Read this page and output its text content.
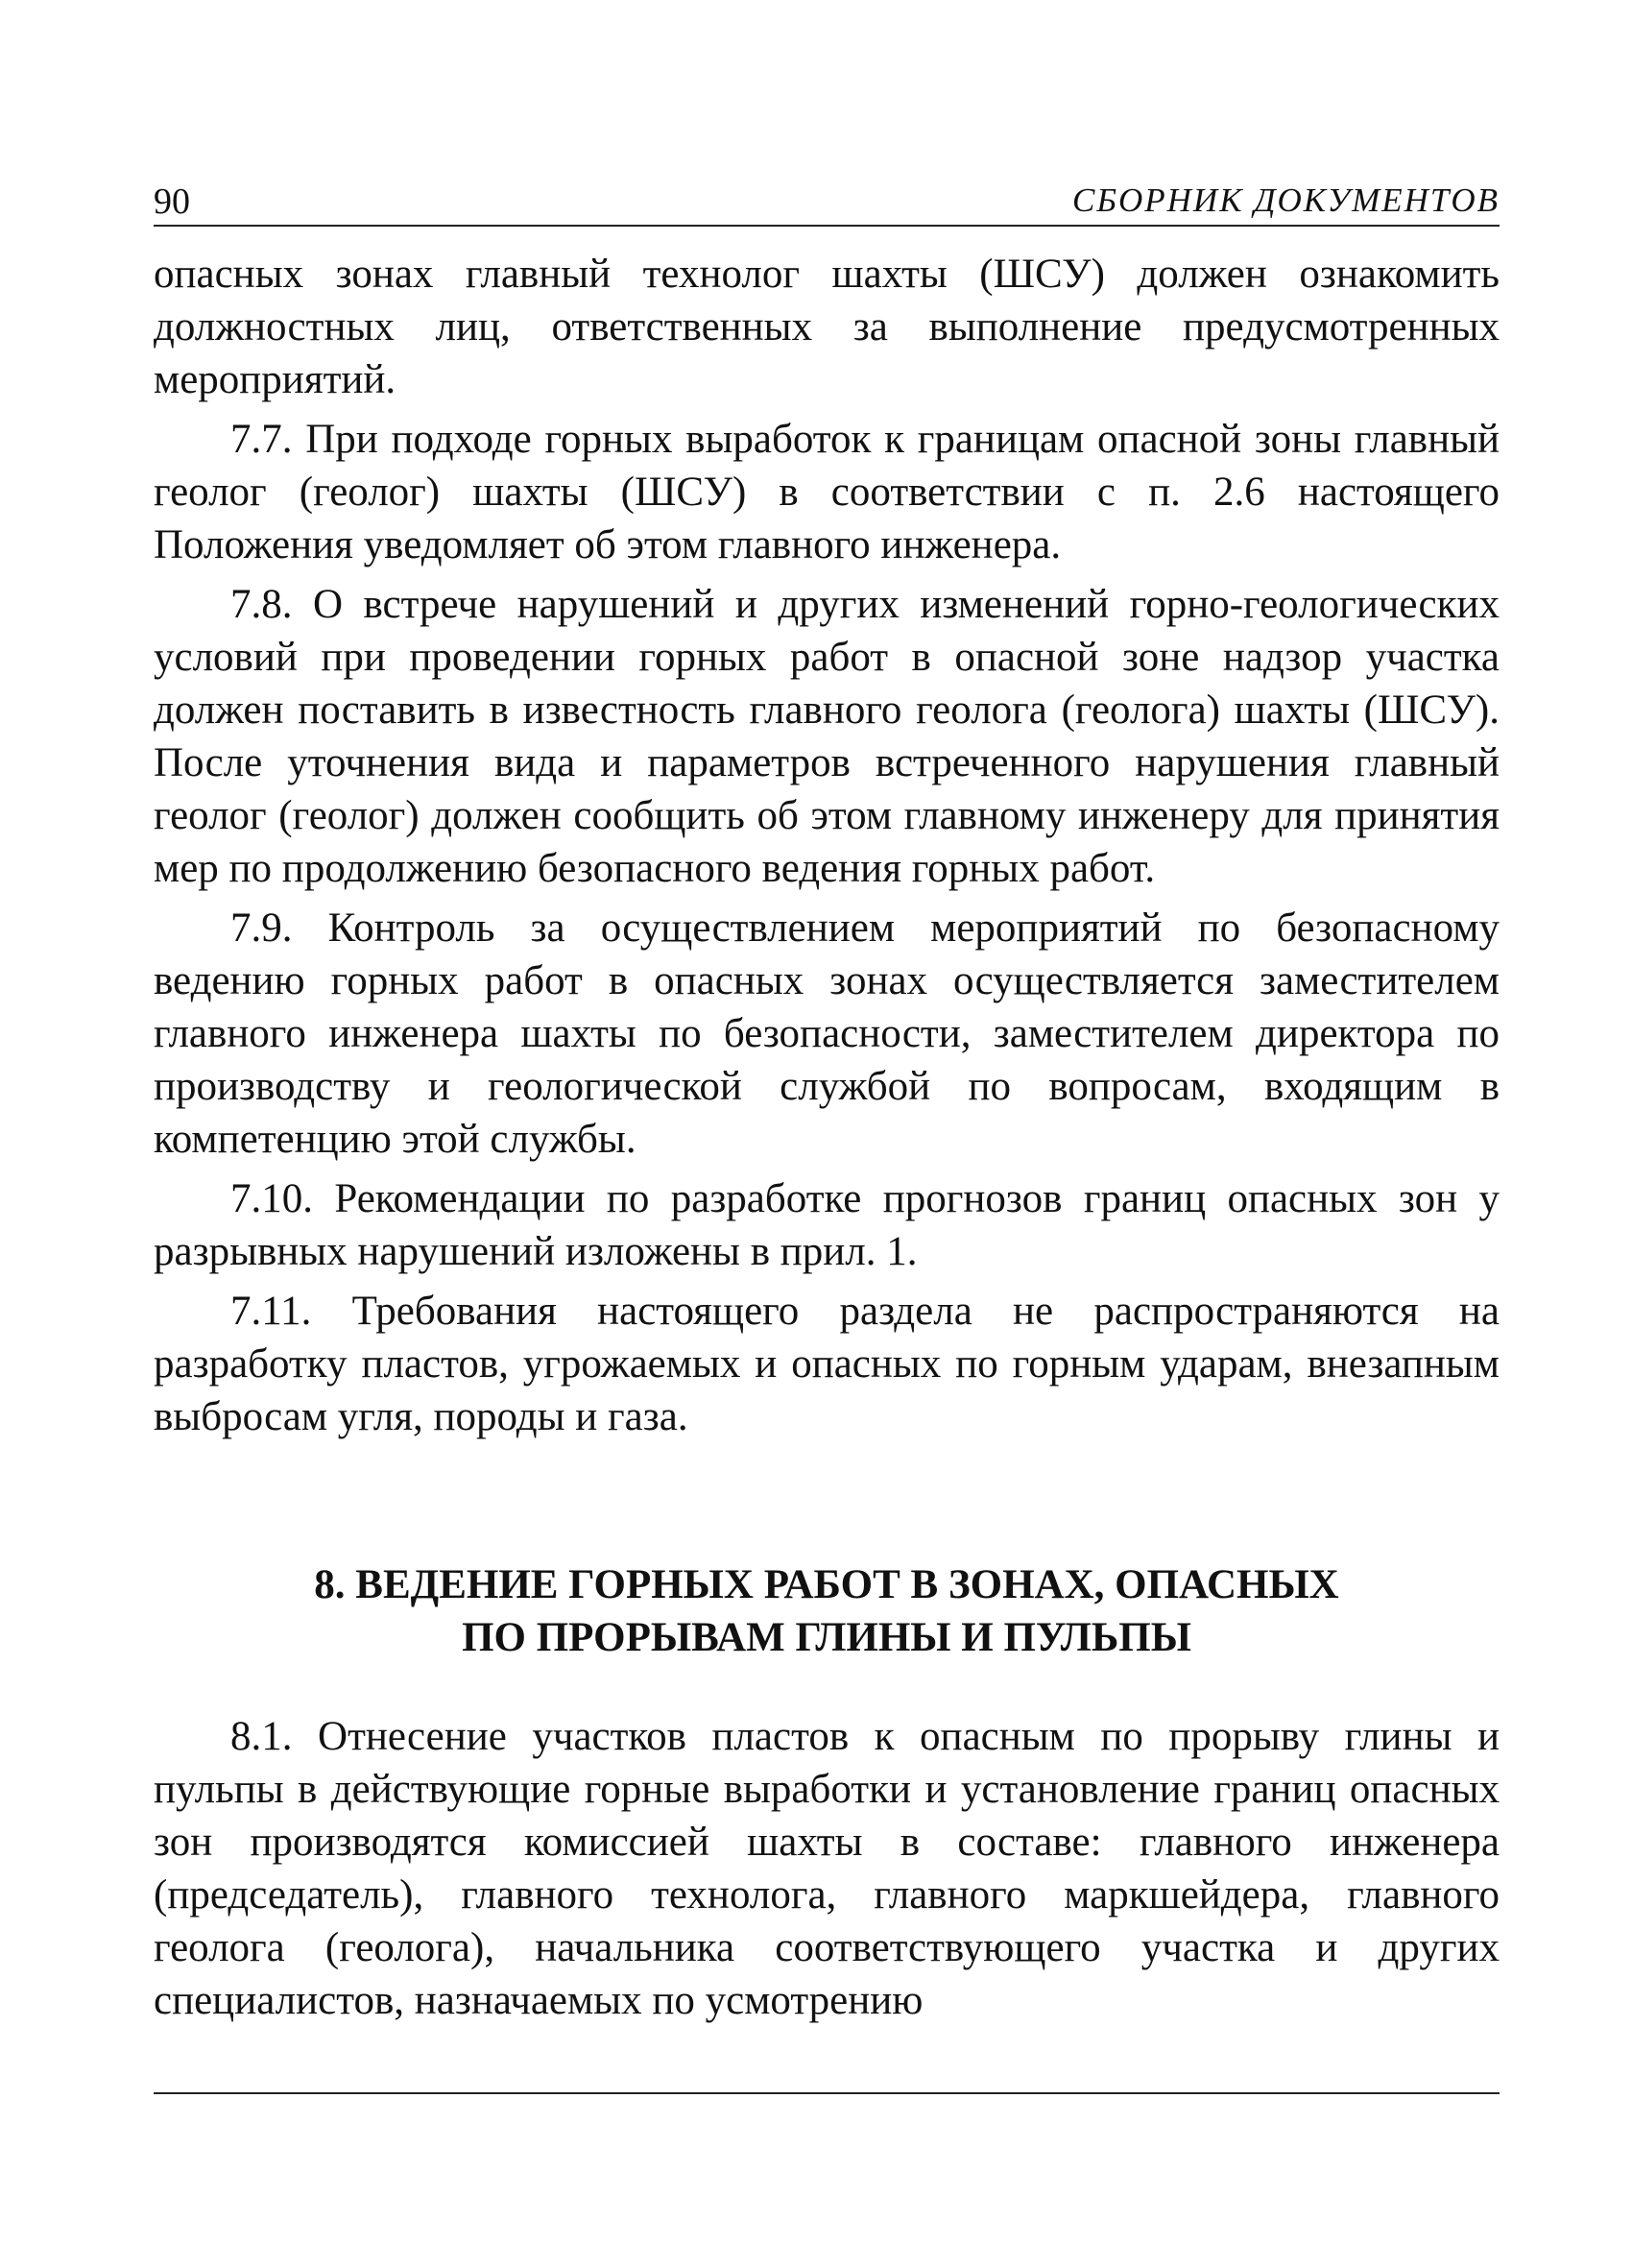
90	СБОРНИК ДОКУМЕНТОВ

опасных зонах главный технолог шахты (ШСУ) должен ознакомить должностных лиц, ответственных за выполнение предусмотренных мероприятий.

7.7. При подходе горных выработок к границам опасной зоны главный геолог (геолог) шахты (ШСУ) в соответствии с п. 2.6 настоящего Положения уведомляет об этом главного инженера.

7.8. О встрече нарушений и других изменений горно-геологических условий при проведении горных работ в опасной зоне надзор участка должен поставить в известность главного геолога (геолога) шахты (ШСУ). После уточнения вида и параметров встреченного нарушения главный геолог (геолог) должен сообщить об этом главному инженеру для принятия мер по продолжению безопасного ведения горных работ.

7.9. Контроль за осуществлением мероприятий по безопасному ведению горных работ в опасных зонах осуществляется заместителем главного инженера шахты по безопасности, заместителем директора по производству и геологической службой по вопросам, входящим в компетенцию этой службы.

7.10. Рекомендации по разработке прогнозов границ опасных зон у разрывных нарушений изложены в прил. 1.

7.11. Требования настоящего раздела не распространяются на разработку пластов, угрожаемых и опасных по горным ударам, внезапным выбросам угля, породы и газа.

8. ВЕДЕНИЕ ГОРНЫХ РАБОТ В ЗОНАХ, ОПАСНЫХ
ПО ПРОРЫВАМ ГЛИНЫ И ПУЛЬПЫ

8.1. Отнесение участков пластов к опасным по прорыву глины и пульпы в действующие горные выработки и установление границ опасных зон производятся комиссией шахты в составе: главного инженера (председатель), главного технолога, главного маркшейдера, главного геолога (геолога), начальника соответствующего участка и других специалистов, назначаемых по усмотрению
